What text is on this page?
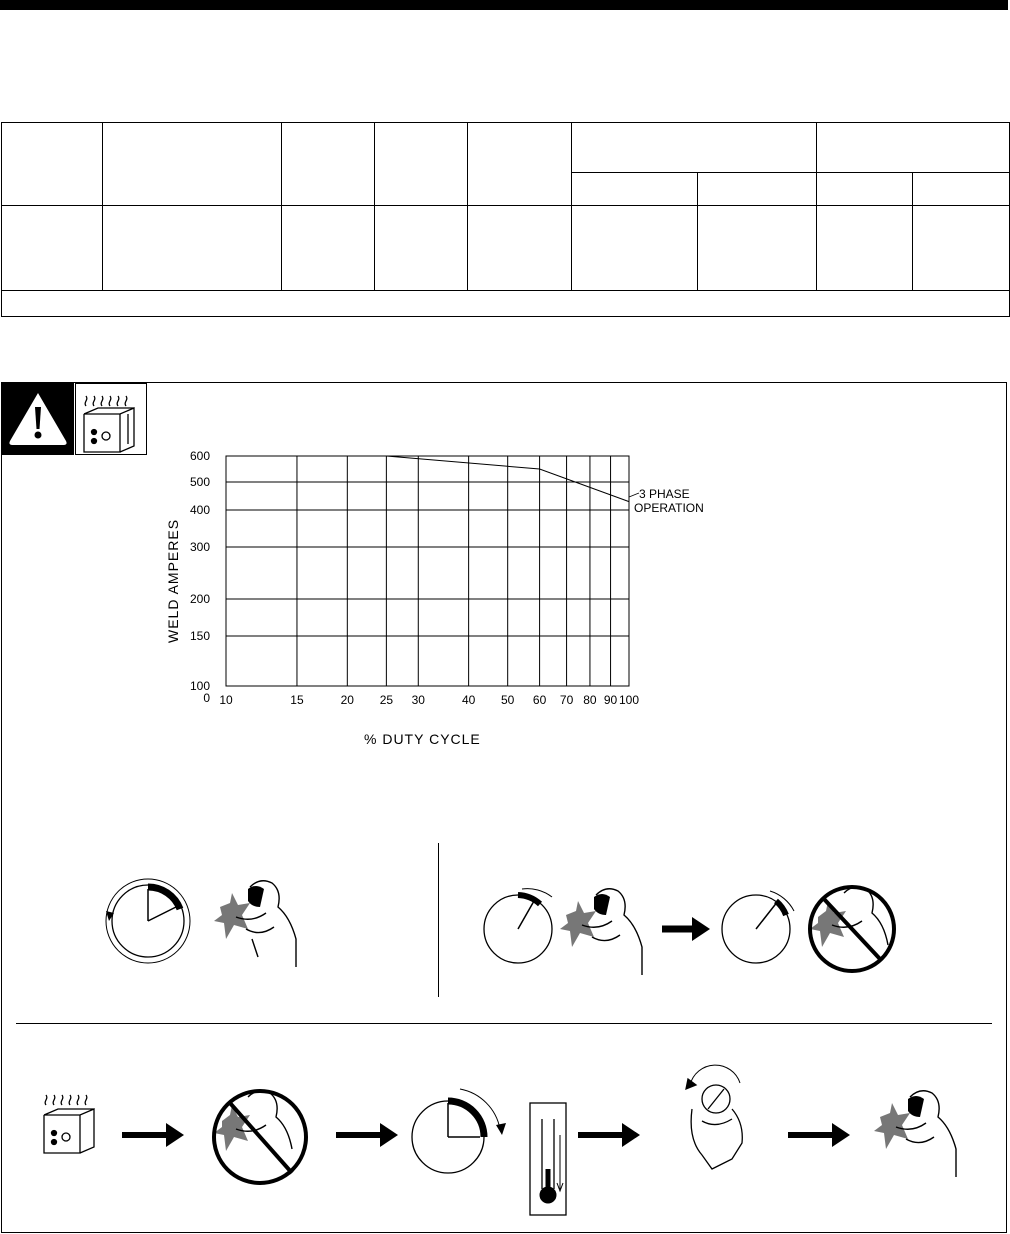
0
100
150
200
300
400
500
600
10	15	20 25 30	40 50 60 70 80 90 100
3 PHASE
OPERATION
WELD AMPERES
% DUTY CYCLE
